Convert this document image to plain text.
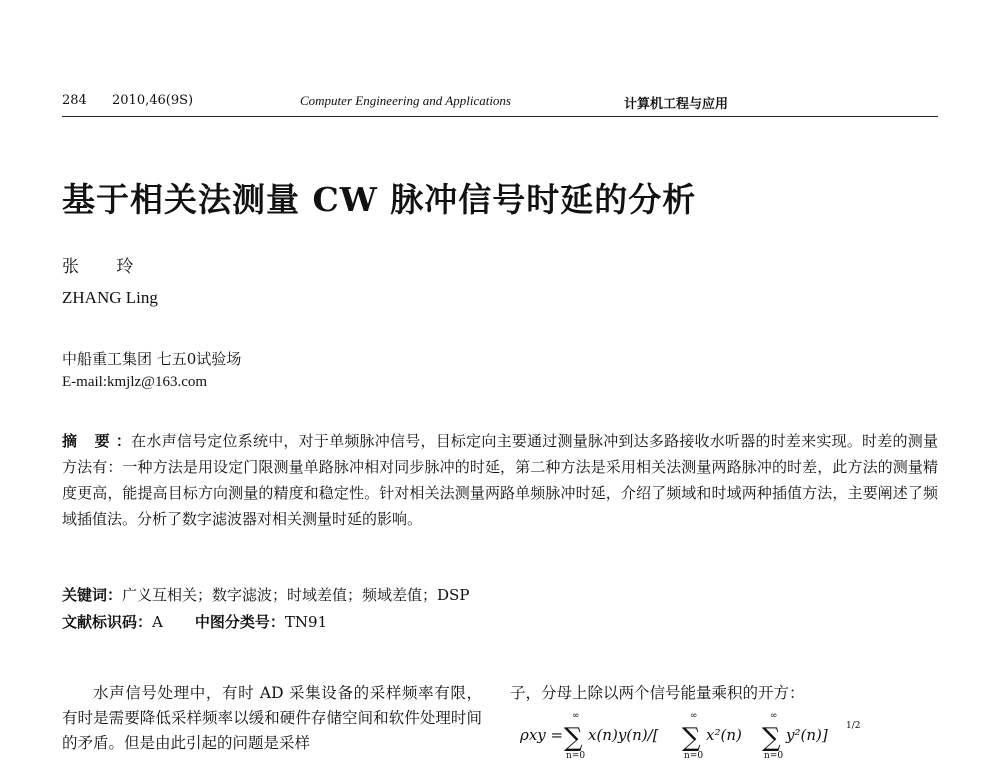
284 2010,46(9S)	Computer Engineering and Applications	计算机工程与应用
基于相关法测量 CW 脉冲信号时延的分析
张 玲
ZHANG Ling
中船重工集团 七五0试验场
E-mail:kmjlz@163.com

摘 要：在水声信号定位系统中，对于单频脉冲信号，目标定向主要通过测量脉冲到达多路接收水听器的时差来实现。时差的测量方法有：一种方法是用设定门限测量单路脉冲相对同步脉冲的时延，第二种方法是采用相关法测量两路脉冲的时差，此方法的测量精度更高，能提高目标方向测量的精度和稳定性。针对相关法测量两路单频脉冲时延，介绍了频域和时域两种插值方法，主要阐述了频域插值法。分析了数字滤波器对相关测量时延的影响。

关键词：广义互相关；数字滤波；时域差值；频域差值；DSP
文献标识码：A 中图分类号：TN91

水声信号处理中，有时 AD 采集设备的采样频率有限，有时是需要降低采样频率以缓和硬件存储空间和软件处理时间的矛盾。但是由此引起的问题是采样

子，分母上除以两个信号能量乘积的开方：
ρxy =
∞
∑
n=0
x(n)y(n)/[
∞
∑
n=0
x²(n)
∞
∑
n=0
y²(n)] 1/2
